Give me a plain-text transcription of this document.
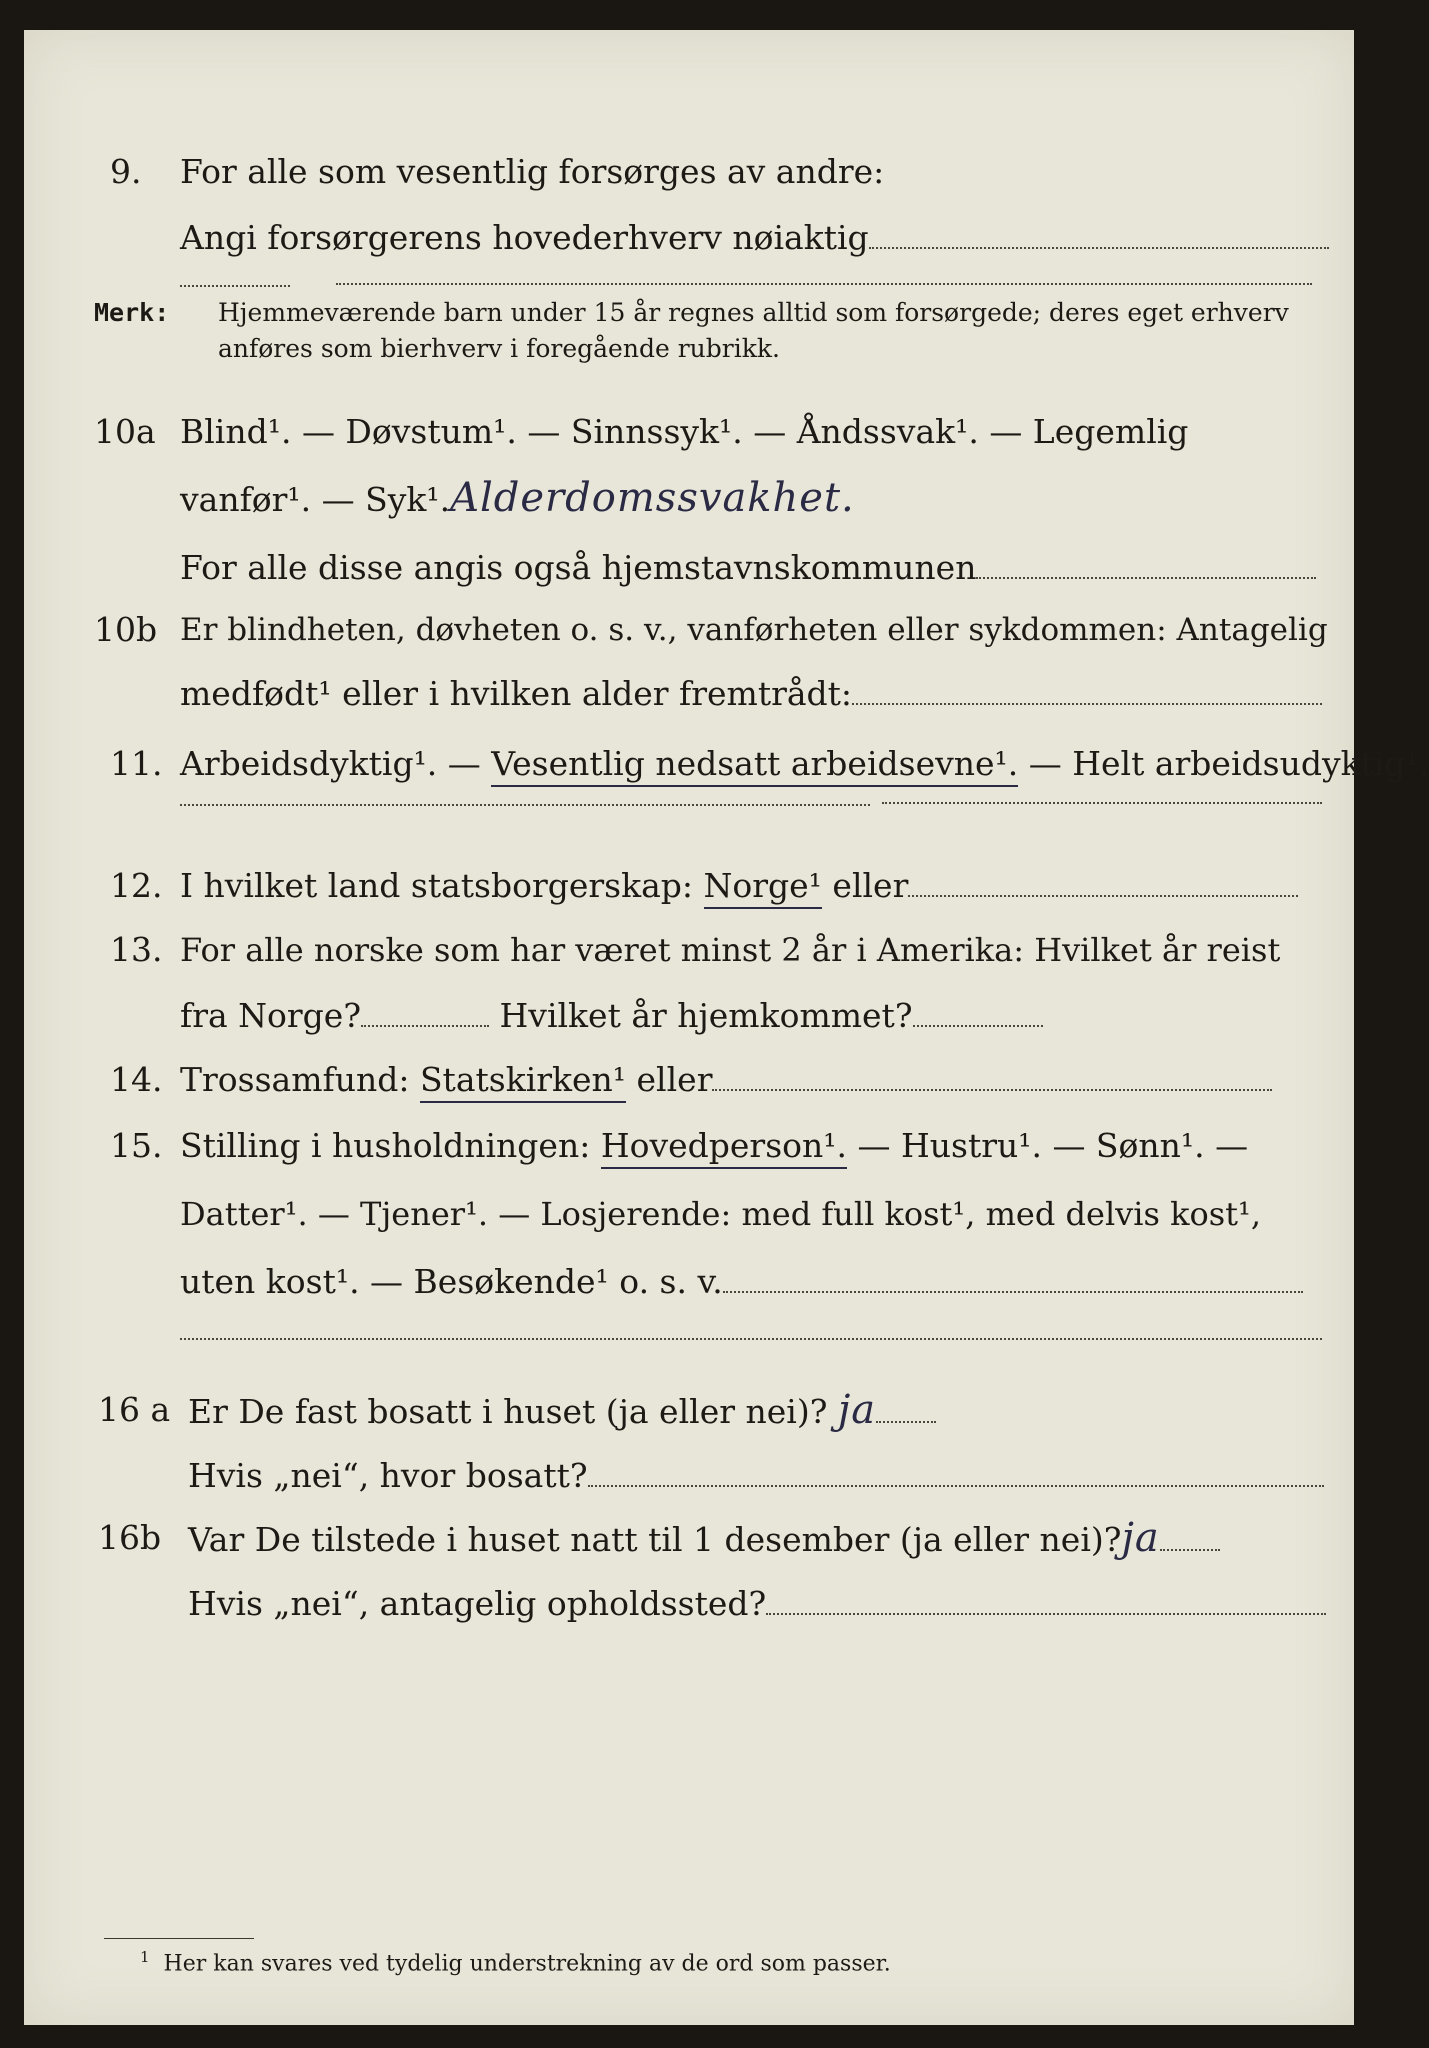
9.	For alle som vesentlig forsørges av andre:
Angi forsørgerens hovederhverv nøiaktig
Merk: Hjemmeværende barn under 15 år regnes alltid som forsørgede; deres eget erhverv anføres som bierhverv i foregående rubrikk.
10a Blind¹. — Døvstum¹. — Sinnssyk¹. — Åndssvak¹. — Legemlig
vanfør¹. — Syk¹.Alderdomssvakhet.
For alle disse angis også hjemstavnskommunen
10b Er blindheten, døvheten o. s. v., vanførheten eller sykdommen: Antagelig
medfødt¹ eller i hvilken alder fremtrådt:
11. Arbeidsdyktig¹. — Vesentlig nedsatt arbeidsevne¹. — Helt arbeidsudyktig¹.
12. I hvilket land statsborgerskap: Norge¹ eller
13. For alle norske som har været minst 2 år i Amerika: Hvilket år reist
fra Norge?	Hvilket år hjemkommet?
14. Trossamfund: Statskirken¹ eller
15. Stilling i husholdningen: Hovedperson¹. — Hustru¹. — Sønn¹. —
Datter¹. — Tjener¹. — Losjerende: med full kost¹, med delvis kost¹,
uten kost¹. — Besøkende¹ o. s. v.
16 a Er De fast bosatt i huset (ja eller nei)? ja
Hvis „nei“, hvor bosatt?
16b Var De tilstede i huset natt til 1 desember (ja eller nei)?ja
Hvis „nei“, antagelig opholdssted?
$^1$ Her kan svares ved tydelig understrekning av de ord som passer.
